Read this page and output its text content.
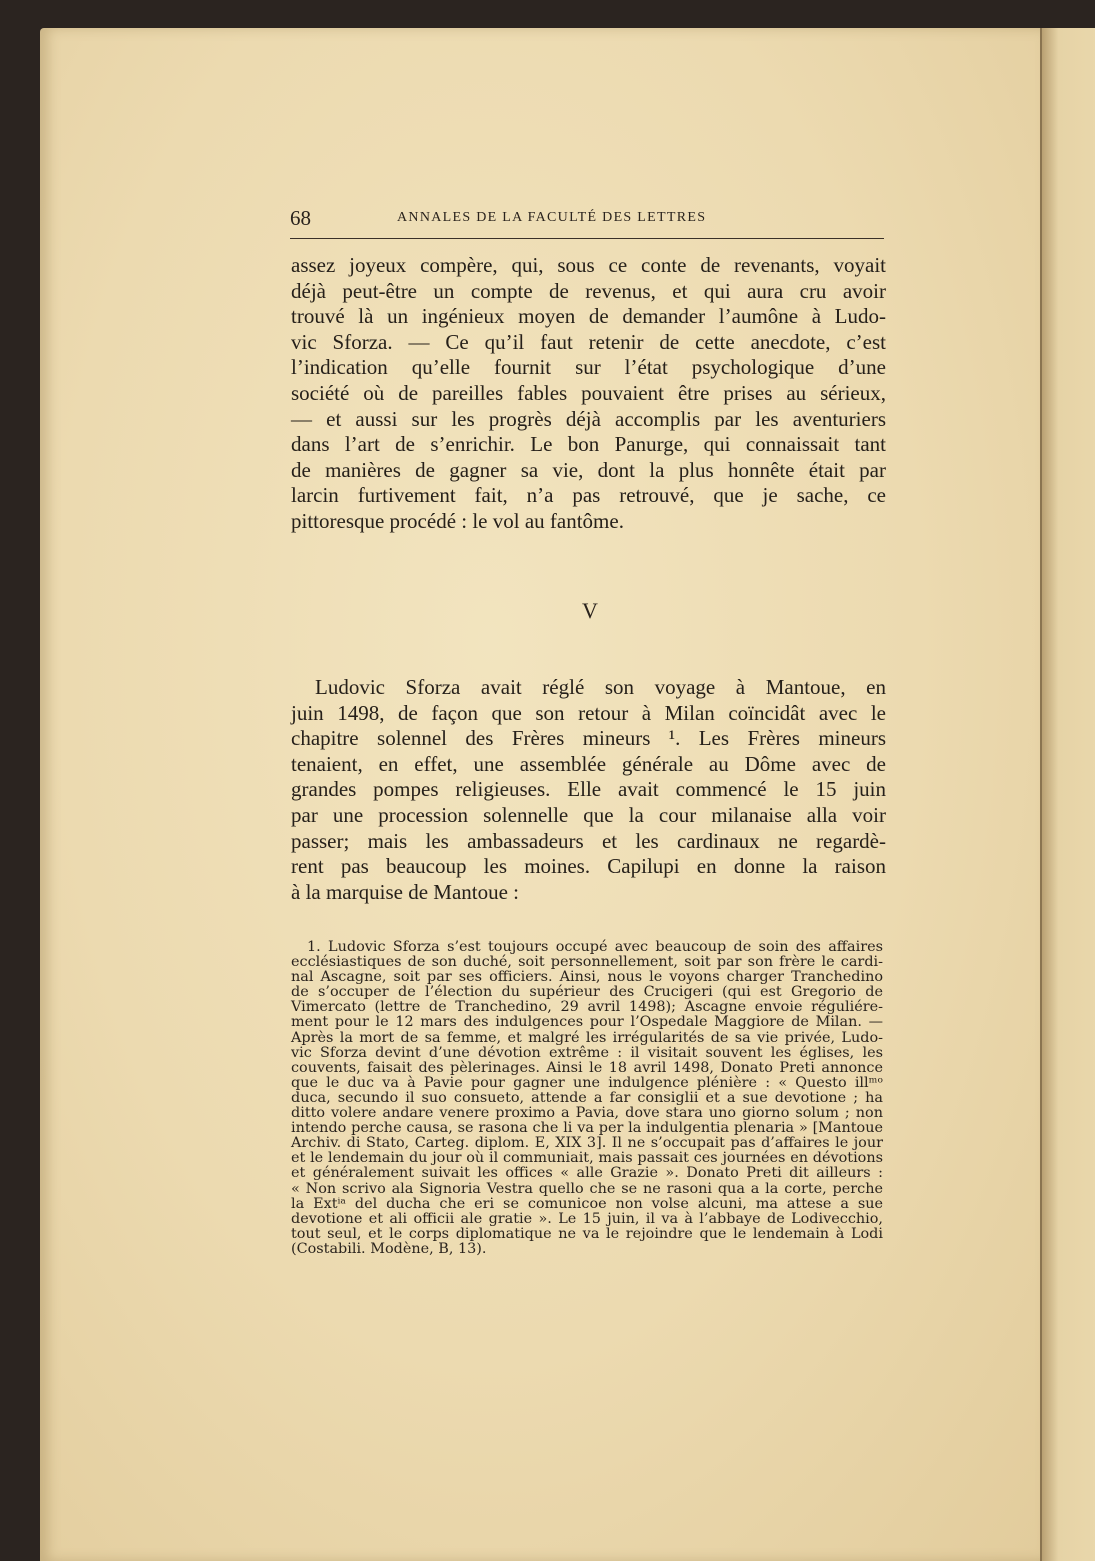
68	ANNALES DE LA FACULTÉ DES LETTRES
assez joyeux compère, qui, sous ce conte de revenants, voyait
déjà peut-être un compte de revenus, et qui aura cru avoir
trouvé là un ingénieux moyen de demander l’aumône à Ludo-
vic Sforza. — Ce qu’il faut retenir de cette anecdote, c’est
l’indication qu’elle fournit sur l’état psychologique d’une
société où de pareilles fables pouvaient être prises au sérieux,
— et aussi sur les progrès déjà accomplis par les aventuriers
dans l’art de s’enrichir. Le bon Panurge, qui connaissait tant
de manières de gagner sa vie, dont la plus honnête était par
larcin furtivement fait, n’a pas retrouvé, que je sache, ce
pittoresque procédé : le vol au fantôme.
V
Ludovic Sforza avait réglé son voyage à Mantoue, en
juin 1498, de façon que son retour à Milan coïncidât avec le
chapitre solennel des Frères mineurs ¹. Les Frères mineurs
tenaient, en effet, une assemblée générale au Dôme avec de
grandes pompes religieuses. Elle avait commencé le 15 juin
par une procession solennelle que la cour milanaise alla voir
passer; mais les ambassadeurs et les cardinaux ne regardè-
rent pas beaucoup les moines. Capilupi en donne la raison
à la marquise de Mantoue :
1. Ludovic Sforza s’est toujours occupé avec beaucoup de soin des affaires
ecclésiastiques de son duché, soit personnellement, soit par son frère le cardi-
nal Ascagne, soit par ses officiers. Ainsi, nous le voyons charger Tranchedino
de s’occuper de l’élection du supérieur des Crucigeri (qui est Gregorio de
Vimercato (lettre de Tranchedino, 29 avril 1498); Ascagne envoie réguliére-
ment pour le 12 mars des indulgences pour l’Ospedale Maggiore de Milan. —
Après la mort de sa femme, et malgré les irrégularités de sa vie privée, Ludo-
vic Sforza devint d’une dévotion extrême : il visitait souvent les églises, les
couvents, faisait des pèlerinages. Ainsi le 18 avril 1498, Donato Preti annonce
que le duc va à Pavie pour gagner une indulgence plénière : « Questo illᵐᵒ
duca, secundo il suo consueto, attende a far consiglii et a sue devotione ; ha
ditto volere andare venere proximo a Pavia, dove stara uno giorno solum ; non
intendo perche causa, se rasona che li va per la indulgentia plenaria » [Mantoue
Archiv. di Stato, Carteg. diplom. E, XIX 3]. Il ne s’occupait pas d’affaires le jour
et le lendemain du jour où il communiait, mais passait ces journées en dévotions
et généralement suivait les offices « alle Grazie ». Donato Preti dit ailleurs :
« Non scrivo ala Signoria Vestra quello che se ne rasoni qua a la corte, perche
la Extⁱᵃ del ducha che eri se comunicoe non volse alcuni, ma attese a sue
devotione et ali officii ale gratie ». Le 15 juin, il va à l’abbaye de Lodivecchio,
tout seul, et le corps diplomatique ne va le rejoindre que le lendemain à Lodi
(Costabili. Modène, B, 13).
